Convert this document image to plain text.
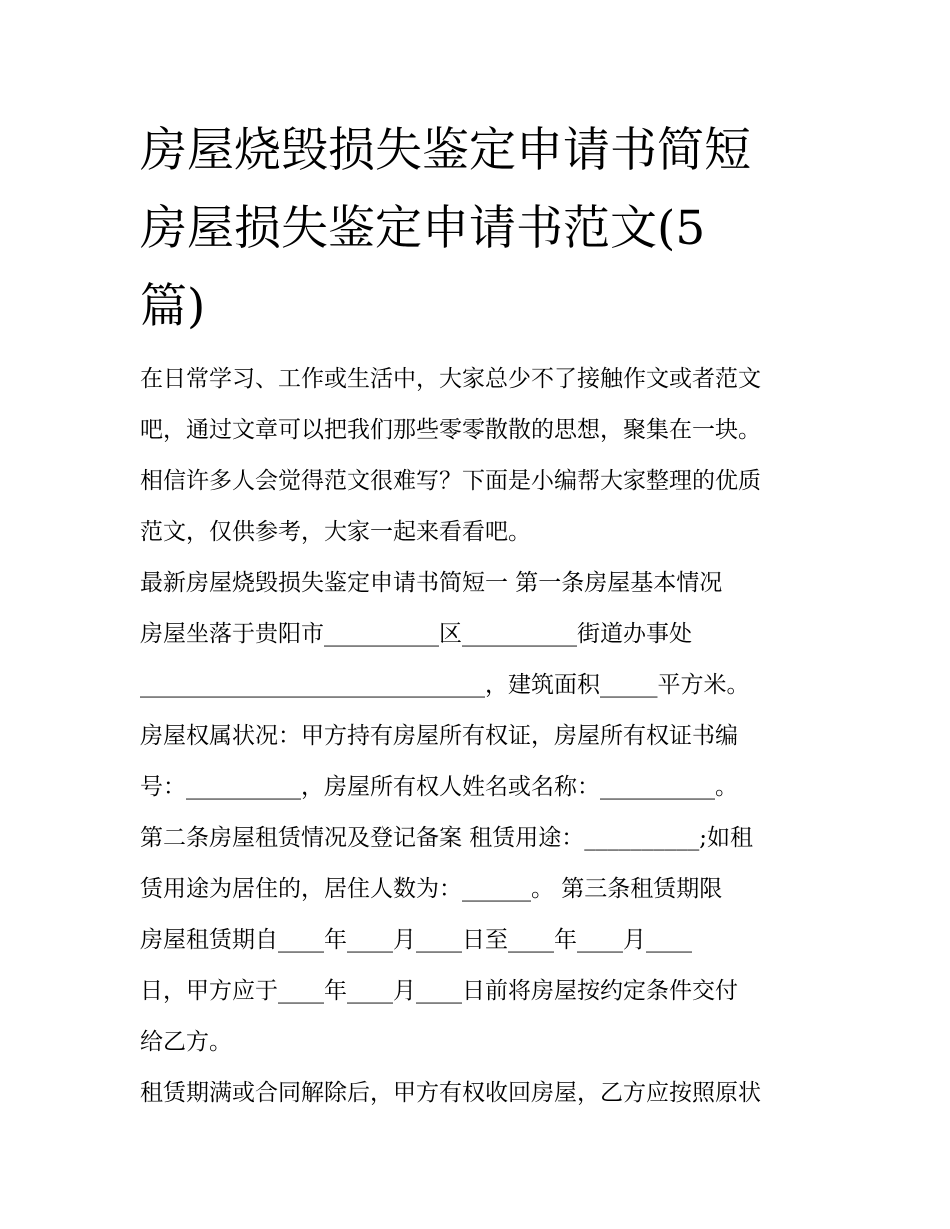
房屋烧毁损失鉴定申请书简短
房屋损失鉴定申请书范文(5
篇)
在日常学习、工作或生活中，大家总少不了接触作文或者范文
吧，通过文章可以把我们那些零零散散的思想，聚集在一块。
相信许多人会觉得范文很难写？下面是小编帮大家整理的优质
范文，仅供参考，大家一起来看看吧。
最新房屋烧毁损失鉴定申请书简短一 第一条房屋基本情况
房屋坐落于贵阳市__________区__________街道办事处
______________________________，建筑面积_____平方米。
房屋权属状况：甲方持有房屋所有权证，房屋所有权证书编
号：__________，房屋所有权人姓名或名称：__________。
第二条房屋租赁情况及登记备案 租赁用途：__________;如租
赁用途为居住的，居住人数为：______。 第三条租赁期限
房屋租赁期自____年____月____日至____年____月____
日，甲方应于____年____月____日前将房屋按约定条件交付
给乙方。
租赁期满或合同解除后，甲方有权收回房屋，乙方应按照原状
